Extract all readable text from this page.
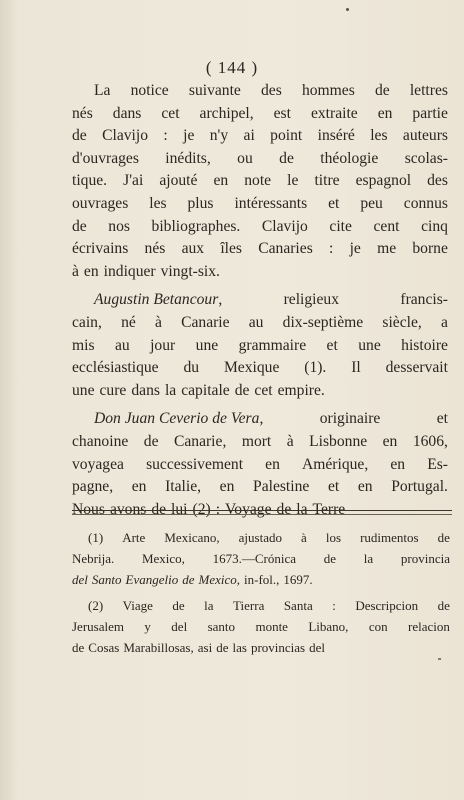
( 144 )
La notice suivante des hommes de lettres
nés dans cet archipel, est extraite en partie
de Clavijo : je n'y ai point inséré les auteurs
d'ouvrages inédits, ou de théologie scolas-
tique. J'ai ajouté en note le titre espagnol des
ouvrages les plus intéressants et peu connus
de nos bibliographes. Clavijo cite cent cinq
écrivains nés aux îles Canaries : je me borne
à en indiquer vingt-six.
Augustin Betancour,	religieux	francis-
cain, né à Canarie au dix-septième siècle, a
mis au jour une grammaire et une histoire
ecclésiastique du Mexique (1). Il desservait
une cure dans la capitale de cet empire.
Don Juan Ceverio de Vera,	originaire	et
chanoine de Canarie, mort à Lisbonne en 1606,
voyagea successivement en Amérique, en Es-
pagne, en Italie, en Palestine et en Portugal.
Nous avons de lui (2) : Voyage de la Terre
(1) Arte Mexicano, ajustado à los rudimentos de
Nebrija. Mexico, 1673.—Crónica de la provincia
del Santo Evangelio de Mexico, in-fol., 1697.
(2) Viage de la Tierra Santa : Descripcion de
Jerusalem y del santo monte Libano, con relacion
de Cosas Marabillosas, asi de las provincias del
